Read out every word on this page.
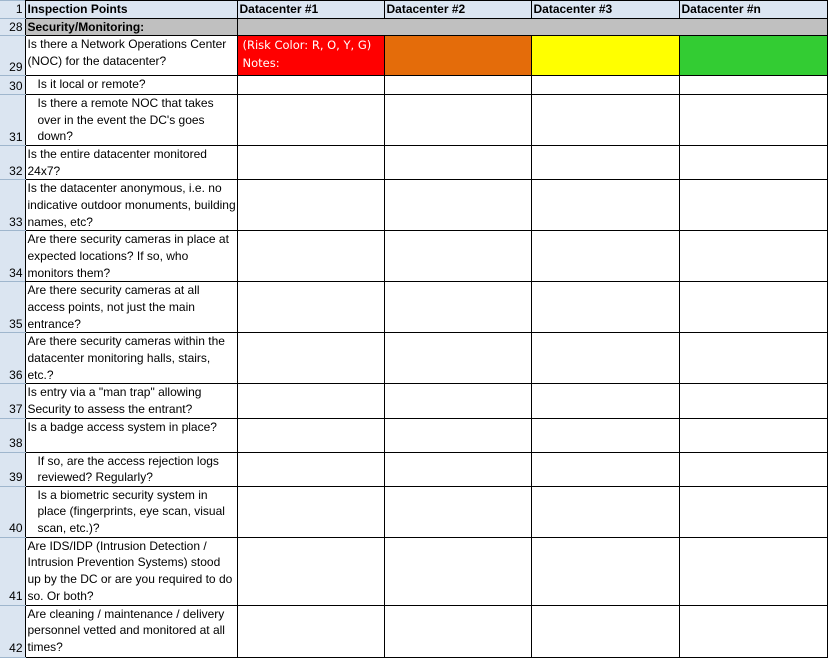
1	Inspection Points	Datacenter #1	Datacenter #2	Datacenter #3	Datacenter #n
28	Security/Monitoring:				
29	Is there a Network Operations Center (NOC) for the datacenter?	(Risk Color: R, O, Y, G) Notes:			

30	Is it local or remote?				
31	Is there a remote NOC that takes over in the event the DC's goes down?				
32	Is the entire datacenter monitored 24x7?				
33	Is the datacenter anonymous, i.e. no indicative outdoor monuments, building names, etc?				
34	Are there security cameras in place at expected locations? If so, who monitors them?				
35	Are there security cameras at all access points, not just the main entrance?				
36	Are there security cameras within the datacenter monitoring halls, stairs, etc.?				
37	Is entry via a "man trap" allowing Security to assess the entrant?				
38	Is a badge access system in place?				
39	If so, are the access rejection logs reviewed? Regularly?				
40	Is a biometric security system in place (fingerprints, eye scan, visual scan, etc.)?				
41	Are IDS/IDP (Intrusion Detection / Intrusion Prevention Systems) stood up by the DC or are you required to do so. Or both?				
42	Are cleaning / maintenance / delivery personnel vetted and monitored at all times?				
